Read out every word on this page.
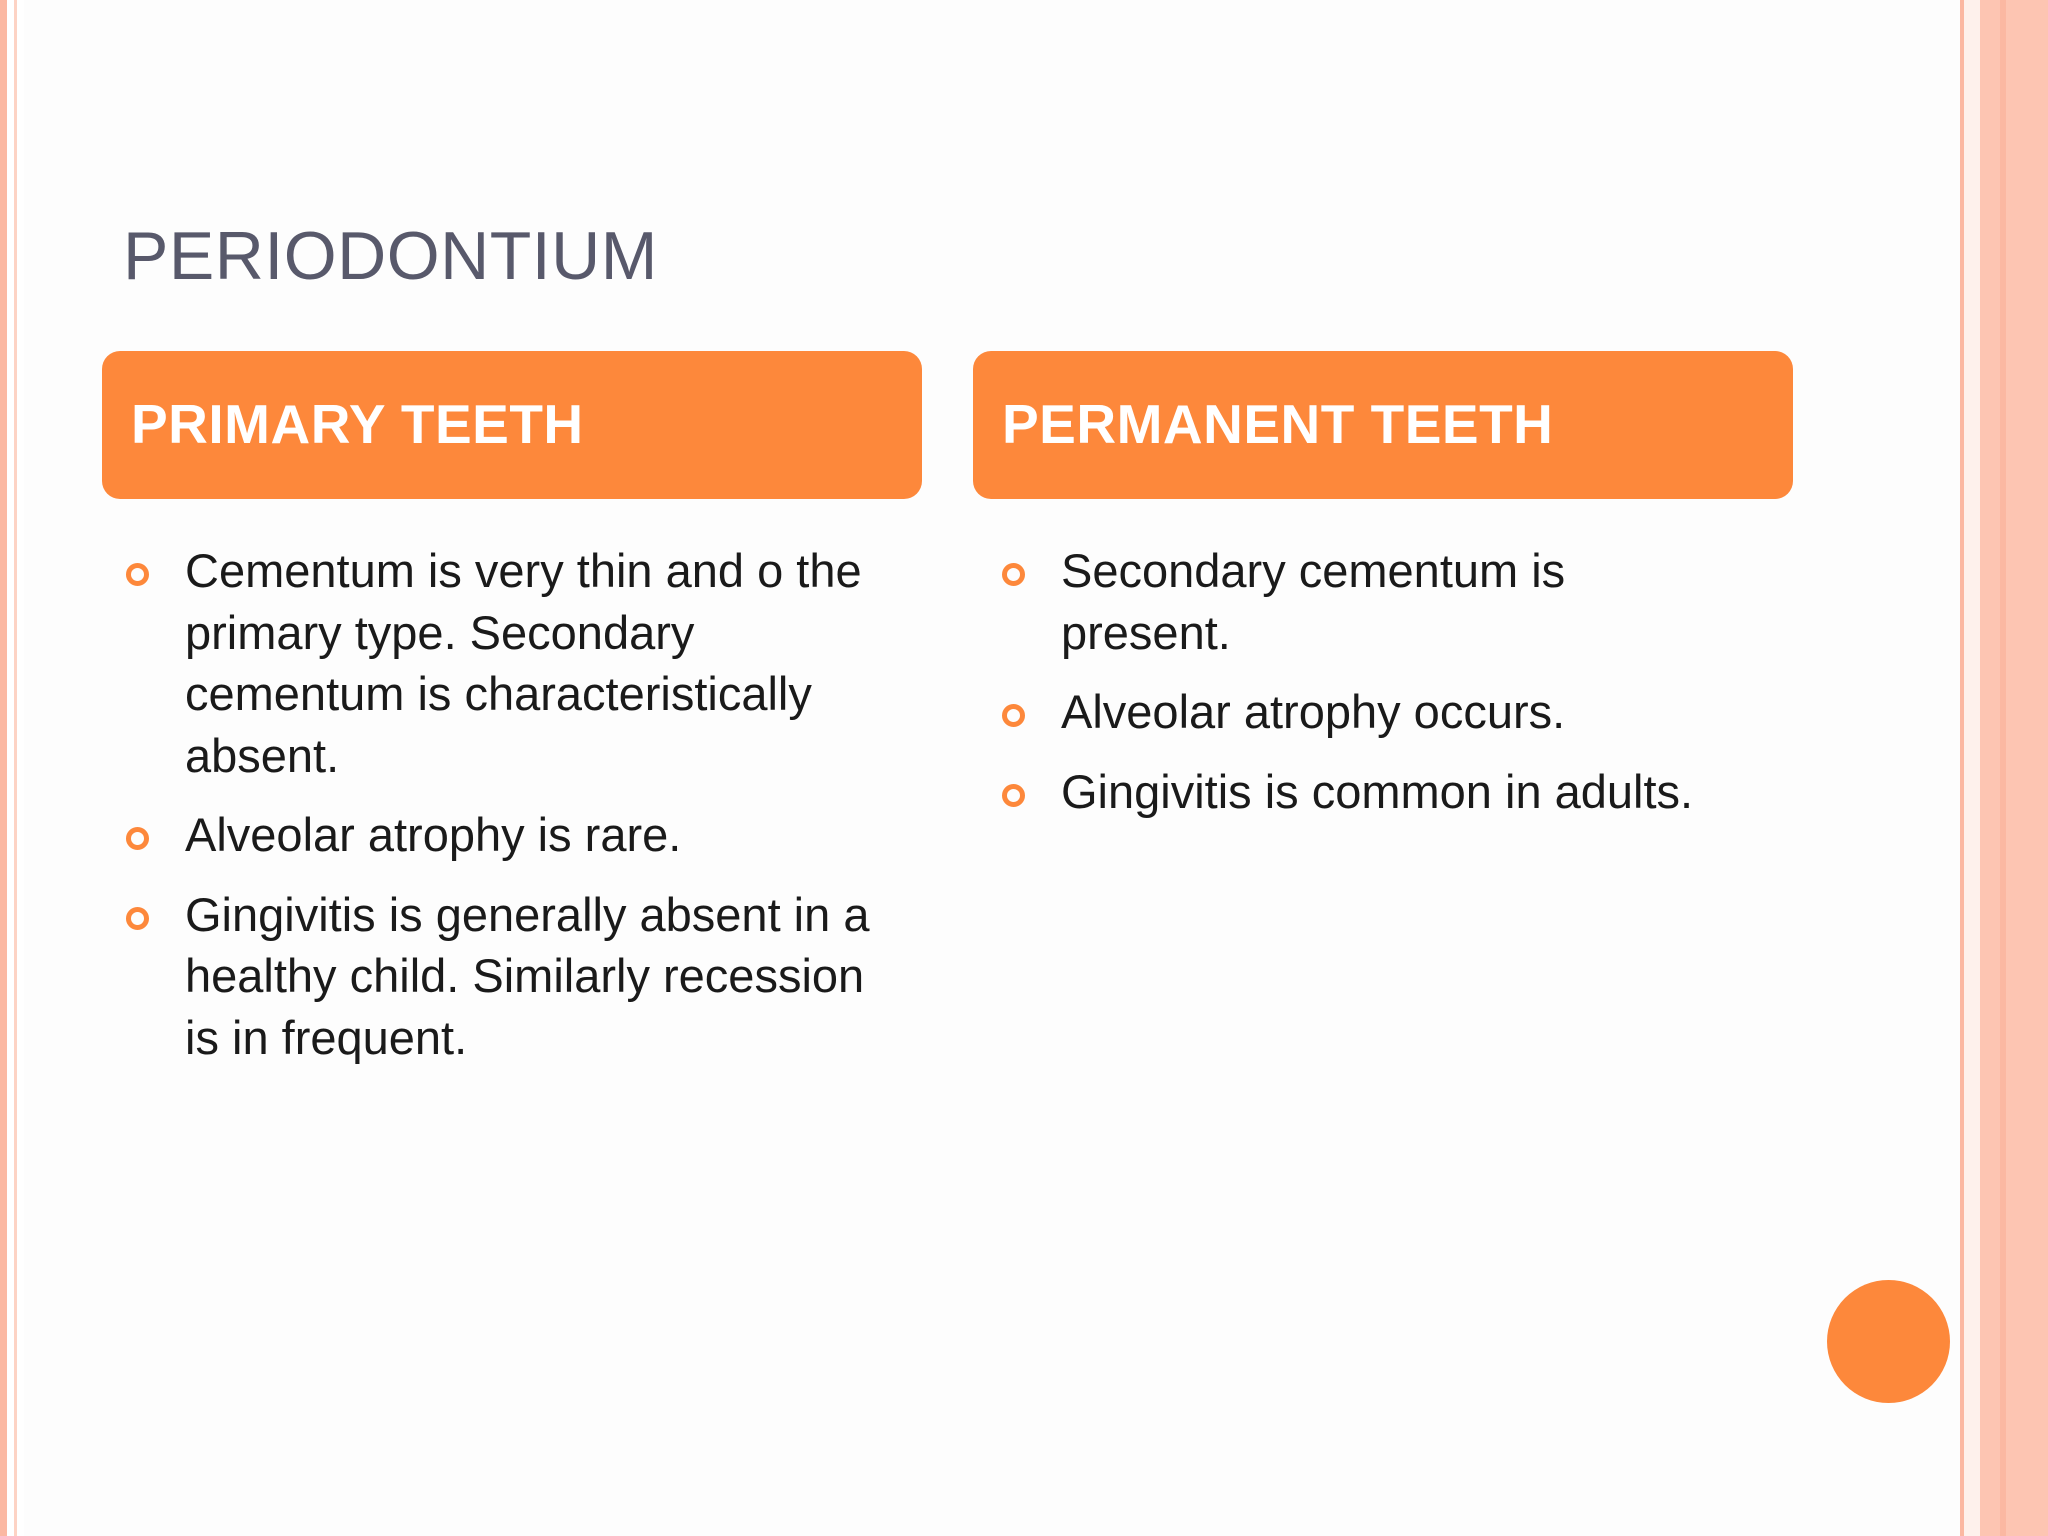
PERIODONTIUM
PRIMARY TEETH
Cementum is very thin and o the primary type. Secondary cementum is characteristically absent.
Alveolar atrophy is rare.
Gingivitis is generally absent in a healthy child. Similarly recession is in frequent.
PERMANENT TEETH
Secondary cementum is present.
Alveolar atrophy occurs.
Gingivitis is common in adults.
